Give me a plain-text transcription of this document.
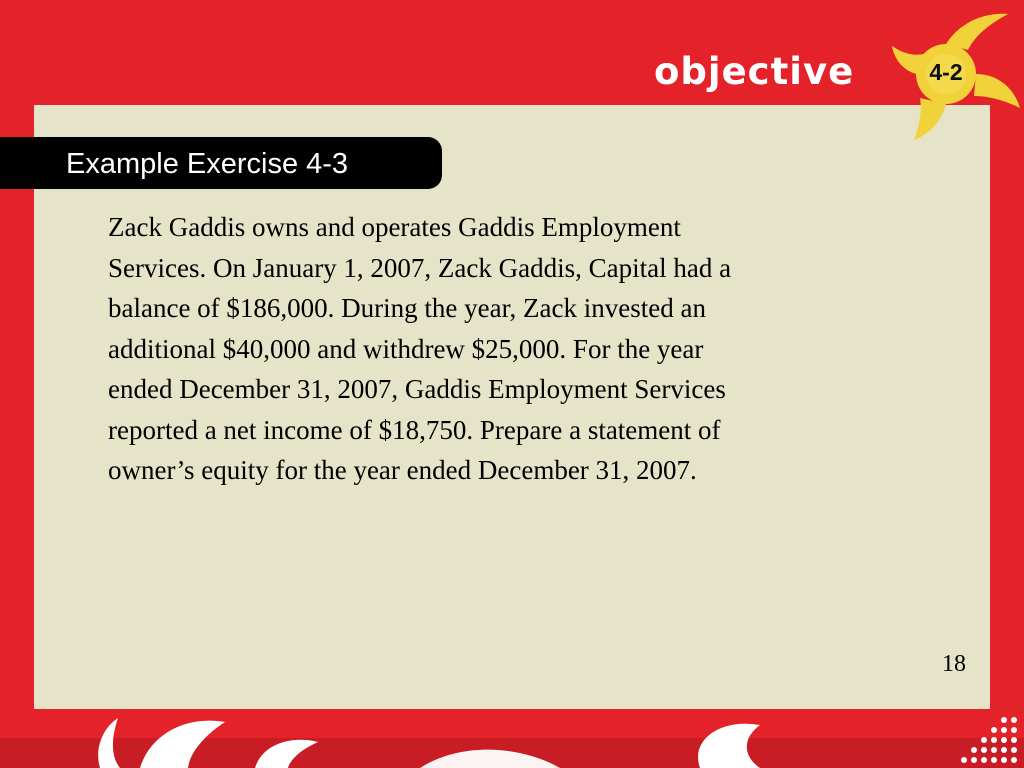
Example Exercise 4-3
objective	4-2

Zack Gaddis owns and operates Gaddis Employment
Services. On January 1, 2007, Zack Gaddis, Capital had a
balance of $186,000. During the year, Zack invested an
additional $40,000 and withdrew $25,000. For the year
ended December 31, 2007, Gaddis Employment Services
reported a net income of $18,750. Prepare a statement of
owner’s equity for the year ended December 31, 2007.

18
